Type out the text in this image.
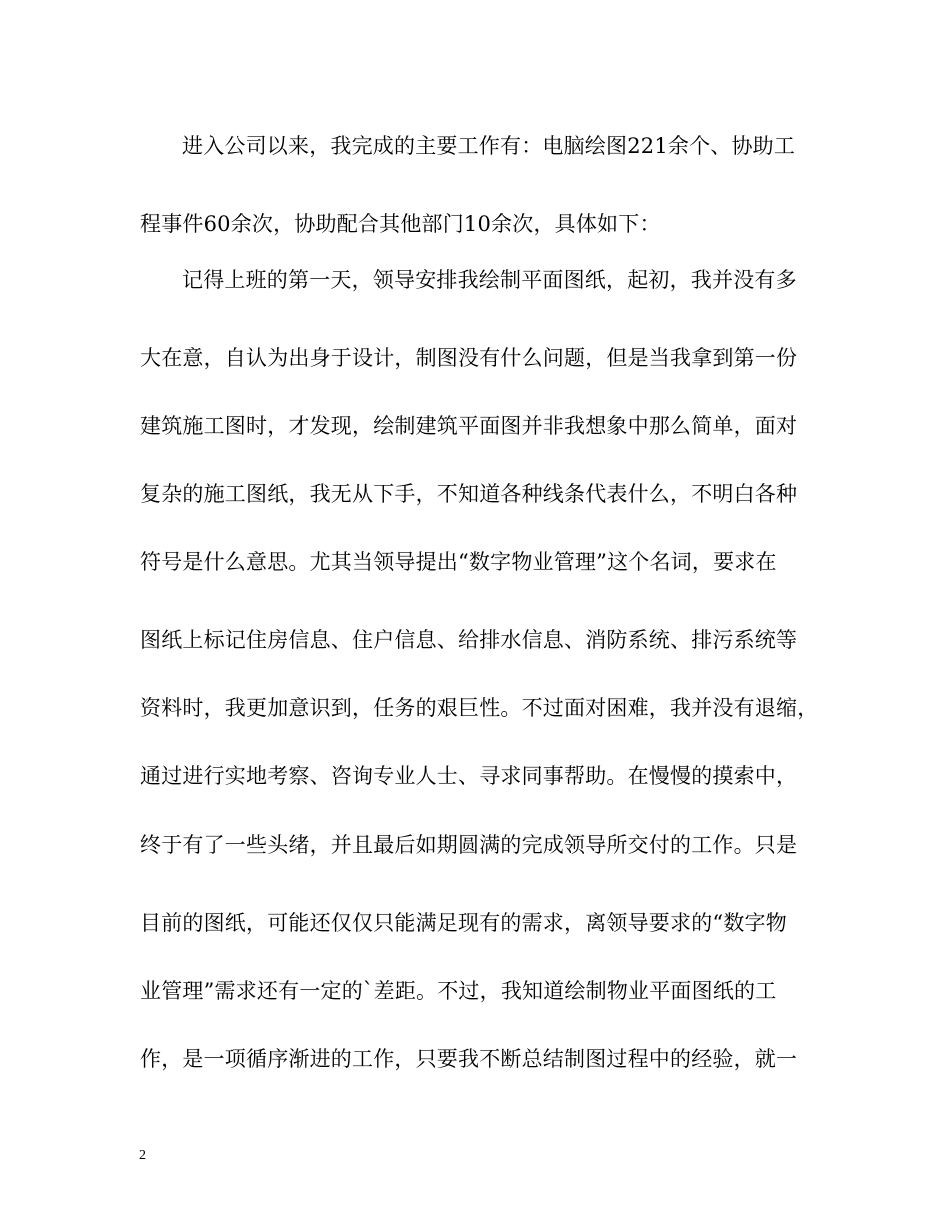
进入公司以来，我完成的主要工作有：电脑绘图221余个、协助工
程事件60余次，协助配合其他部门10余次，具体如下：
记得上班的第一天，领导安排我绘制平面图纸，起初，我并没有多
大在意，自认为出身于设计，制图没有什么问题，但是当我拿到第一份
建筑施工图时，才发现，绘制建筑平面图并非我想象中那么简单，面对
复杂的施工图纸，我无从下手，不知道各种线条代表什么，不明白各种
符号是什么意思。尤其当领导提出“数字物业管理”这个名词，要求在
图纸上标记住房信息、住户信息、给排水信息、消防系统、排污系统等
资料时，我更加意识到，任务的艰巨性。不过面对困难，我并没有退缩，
通过进行实地考察、咨询专业人士、寻求同事帮助。在慢慢的摸索中，
终于有了一些头绪，并且最后如期圆满的完成领导所交付的工作。只是
目前的图纸，可能还仅仅只能满足现有的需求，离领导要求的“数字物
业管理”需求还有一定的`差距。不过，我知道绘制物业平面图纸的工
作，是一项循序渐进的工作，只要我不断总结制图过程中的经验，就一
2
